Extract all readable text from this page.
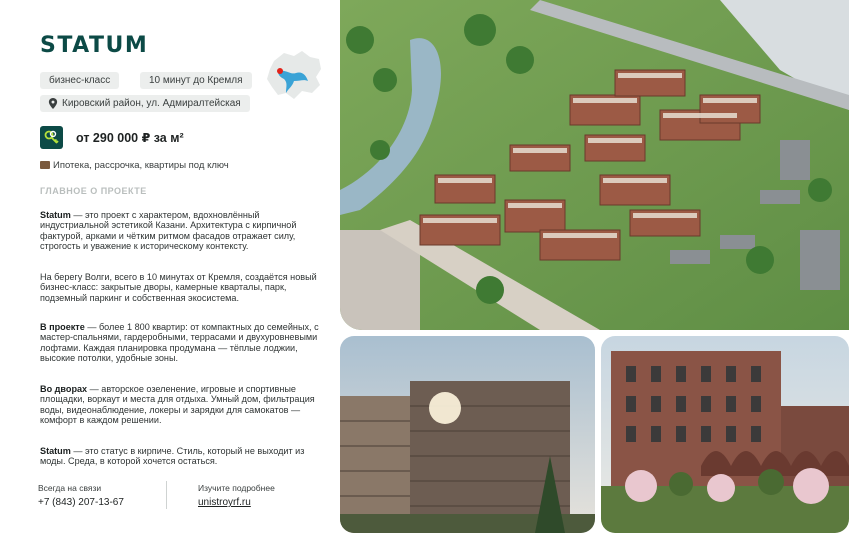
STATUM
бизнес-класс	10 минут до Кремля
Кировский район, ул. Адмиралтейская
от 290 000 ₽ за м²
Ипотека, рассрочка, квартиры под ключ
ГЛАВНОЕ О ПРОЕКТЕ

Statum — это проект с характером, вдохновлённый индустриальной эстетикой Казани. Архитектура с кирпичной фактурой, арками и чётким ритмом фасадов отражает силу, строгость и уважение к историческому контексту.

На берегу Волги, всего в 10 минутах от Кремля, создаётся новый бизнес-класс: закрытые дворы, камерные кварталы, парк, подземный паркинг и собственная экосистема.

В проекте — более 1 800 квартир: от компактных до семейных, с мастер-спальнями, гардеробными, террасами и двухуровневыми лофтами. Каждая планировка продумана — тёплые лоджии, высокие потолки, удобные зоны.

Во дворах — авторское озеленение, игровые и спортивные площадки, воркаут и места для отдыха. Умный дом, фильтрация воды, видеонаблюдение, локеры и зарядки для самокатов — комфорт в каждом решении.

Statum — это статус в кирпиче. Стиль, который не выходит из моды. Среда, в которой хочется остаться.

Всегда на связи
+7 (843) 207-13-67
Изучите подробнее
unistroyrf.ru
